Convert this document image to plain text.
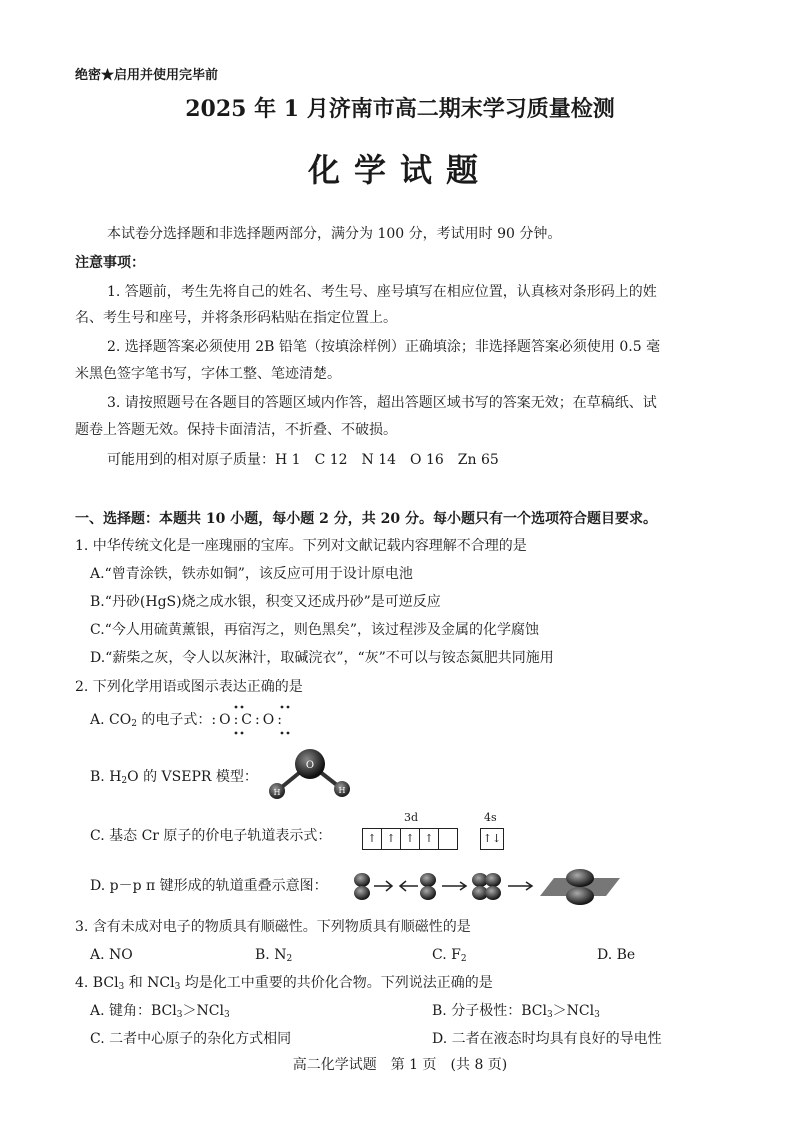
绝密★启用并使用完毕前
2025 年 1 月济南市高二期末学习质量检测
化学试题
本试卷分选择题和非选择题两部分，满分为 100 分，考试用时 90 分钟。
注意事项：
1. 答题前，考生先将自己的姓名、考生号、座号填写在相应位置，认真核对条形码上的姓
名、考生号和座号，并将条形码粘贴在指定位置上。
2. 选择题答案必须使用 2B 铅笔（按填涂样例）正确填涂；非选择题答案必须使用 0.5 毫
米黑色签字笔书写，字体工整、笔迹清楚。
3. 请按照题号在各题目的答题区域内作答，超出答题区域书写的答案无效；在草稿纸、试
题卷上答题无效。保持卡面清洁，不折叠、不破损。
可能用到的相对原子质量：H 1　C 12　N 14　O 16　Zn 65
一、选择题：本题共 10 小题，每小题 2 分，共 20 分。每小题只有一个选项符合题目要求。
1. 中华传统文化是一座瑰丽的宝库。下列对文献记载内容理解不合理的是
A.“曾青涂铁，铁赤如铜”，该反应可用于设计原电池
B.“丹砂(HgS)烧之成水银，积变又还成丹砂”是可逆反应
C.“今人用硫黄薰银，再宿泻之，则色黑矣”，该过程涉及金属的化学腐蚀
D.“薪柴之灰，令人以灰淋汁，取碱浣衣”，“灰”不可以与铵态氮肥共同施用
2. 下列化学用语或图示表达正确的是
A. $CO_2$ 的电子式：:O:C:O:
B. $H_2O$ 的 VSEPR 模型：
O
H	H
C. 基态 Cr 原子的价电子轨道表示式：
3d	4s
↑ ↑ ↑ ↑	↑↓
D. p－p π 键形成的轨道重叠示意图：
3. 含有未成对电子的物质具有顺磁性。下列物质具有顺磁性的是
A. NO	B. $N_2$	C. $F_2$	D. Be
4. BCl$_3$ 和 NCl$_3$ 均是化工中重要的共价化合物。下列说法正确的是
A. 键角：BCl$_3$＞NCl$_3$	B. 分子极性：BCl$_3$＞NCl$_3$
C. 二者中心原子的杂化方式相同	D. 二者在液态时均具有良好的导电性
高二化学试题　第 1 页　(共 8 页)
